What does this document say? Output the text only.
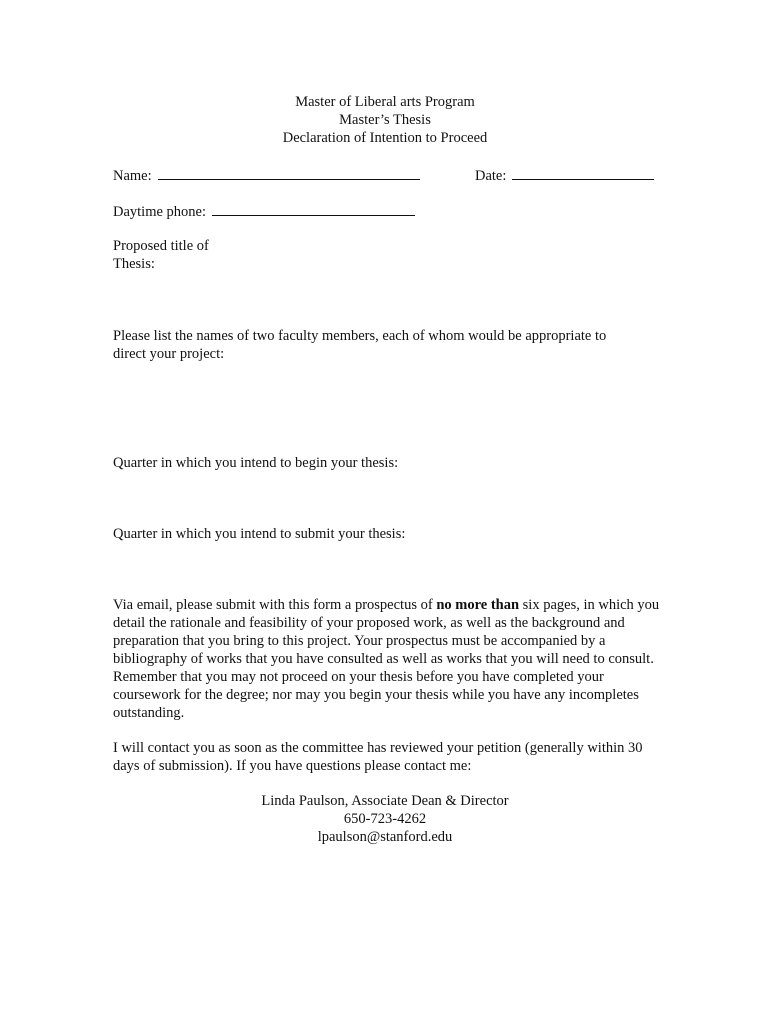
Master of Liberal arts Program
Master’s Thesis
Declaration of Intention to Proceed
Name:	Date:
Daytime phone:
Proposed title of
Thesis:
Please list the names of two faculty members, each of whom would be appropriate to
direct your project:
Quarter in which you intend to begin your thesis:
Quarter in which you intend to submit your thesis:
Via email, please submit with this form a prospectus of no more than six pages, in which you detail the rationale and feasibility of your proposed work, as well as the background and preparation that you bring to this project. Your prospectus must be accompanied by a bibliography of works that you have consulted as well as works that you will need to consult. Remember that you may not proceed on your thesis before you have completed your coursework for the degree; nor may you begin your thesis while you have any incompletes outstanding.
I will contact you as soon as the committee has reviewed your petition (generally within 30 days of submission). If you have questions please contact me:
Linda Paulson, Associate Dean & Director
650-723-4262
lpaulson@stanford.edu
